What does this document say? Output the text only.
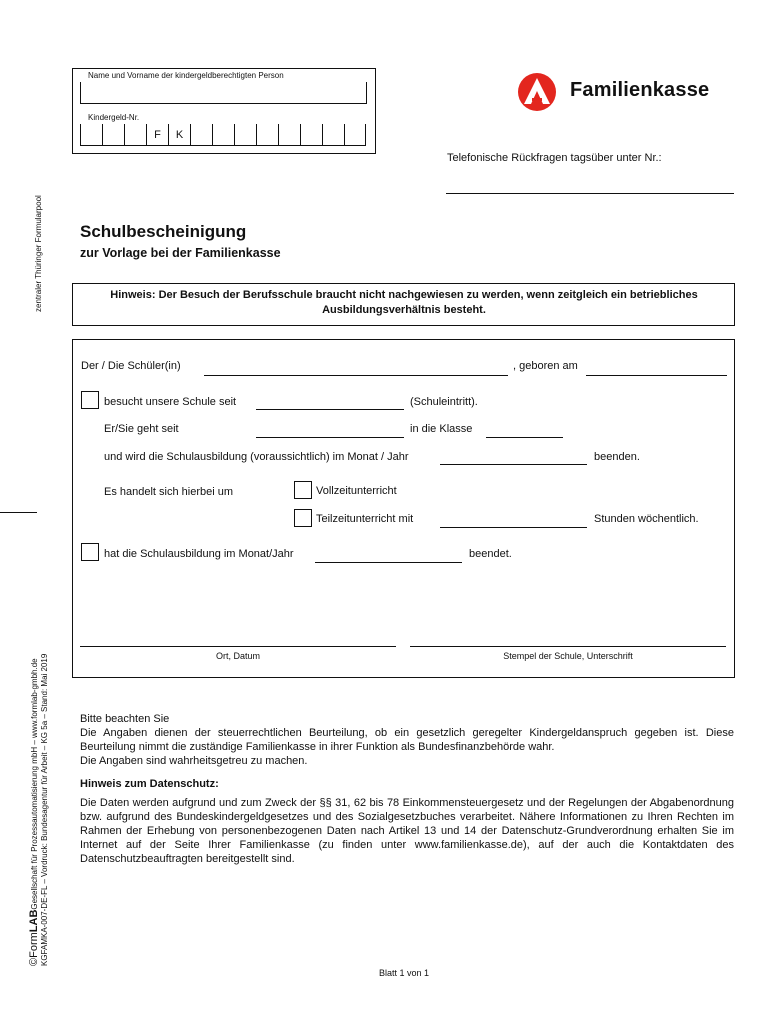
Name und Vorname der kindergeldberechtigten Person
Kindergeld-Nr.
F	K
Familienkasse
Telefonische Rückfragen tagsüber unter Nr.:
zentraler Thüringer Formularpool
©FormLABGesellschaft für Prozessautomatisierung mbH – www.formlab-gmbh.de KGFAMKA-007-DE-FL – Vordruck: Bundesagentur für Arbeit – KG 5a – Stand: Mai 2019
Schulbescheinigung
zur Vorlage bei der Familienkasse
Hinweis: Der Besuch der Berufsschule braucht nicht nachgewiesen zu werden, wenn zeitgleich ein betriebliches Ausbildungsverhältnis besteht.
Der / Die Schüler(in)	, geboren am
besucht unsere Schule seit	(Schuleintritt).
Er/Sie geht seit	in die Klasse
und wird die Schulausbildung (voraussichtlich) im Monat / Jahr	beenden.
Es handelt sich hierbei um	Vollzeitunterricht
Teilzeitunterricht mit	Stunden wöchentlich.
hat die Schulausbildung im Monat/Jahr	beendet.
Ort, Datum	Stempel der Schule, Unterschrift

Bitte beachten Sie

Die Angaben dienen der steuerrechtlichen Beurteilung, ob ein gesetzlich geregelter Kindergeldanspruch gegeben ist. Diese Beurteilung nimmt die zuständige Familienkasse in ihrer Funktion als Bundesfinanzbehörde wahr.

Die Angaben sind wahrheitsgetreu zu machen.

Hinweis zum Datenschutz:

Die Daten werden aufgrund und zum Zweck der §§ 31, 62 bis 78 Einkommensteuergesetz und der Regelungen der Abgabenordnung bzw. aufgrund des Bundeskindergeldgesetzes und des Sozialgesetzbuches verarbeitet. Nähere Informationen zu Ihren Rechten im Rahmen der Erhebung von personenbezogenen Daten nach Artikel 13 und 14 der Datenschutz-Grundverordnung erhalten Sie im Internet auf der Seite Ihrer Familienkasse (zu finden unter www.familienkasse.de), auf der auch die Kontaktdaten des Datenschutzbeauftragten bereitgestellt sind.

Blatt 1 von 1
